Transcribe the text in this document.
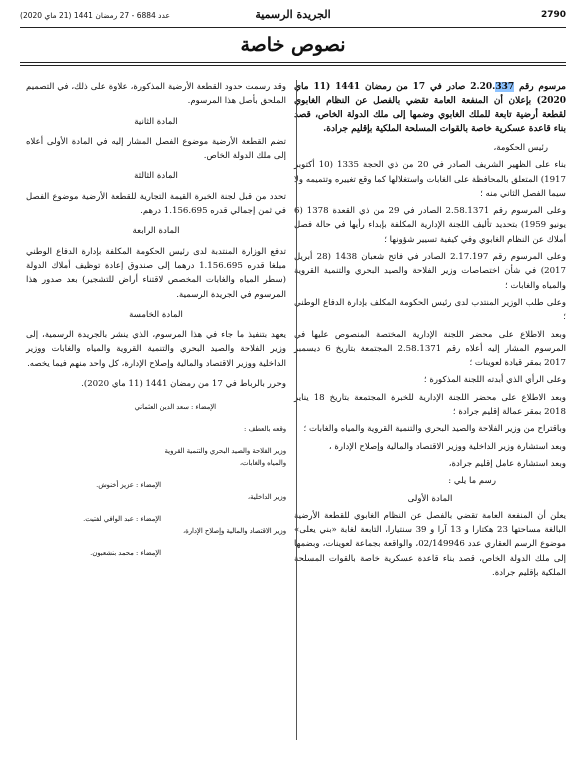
2790
الجريدة الرسمية
عدد 6884 - 27 رمضان 1441 (21 ماي 2020)
نصوص خاصة

مرسوم رقم 2.20.337 صادر في 17 من رمضان 1441 (11 ماي 2020) بإعلان أن المنفعة العامة تقضي بالفصل عن النظام الغابوي لقطعة أرضية تابعة للملك الغابوي وضمها إلى ملك الدولة الخاص، قصد بناء قاعدة عسكرية خاصة بالقوات المسلحة الملكية بإقليم جرادة.

رئيس الحكومة،

بناء على الظهير الشريف الصادر في 20 من ذي الحجة 1335 (10 أكتوبر 1917) المتعلق بالمحافظة على الغابات واستغلالها كما وقع تغييره وتتميمه ولا سيما الفصل الثاني منه ؛

وعلى المرسوم رقم 2.58.1371 الصادر في 29 من ذي القعدة 1378 (6 يونيو 1959) بتحديد تأليف اللجنة الإدارية المكلفة بإبداء رأيها في حالة فصل أملاك عن النظام الغابوي وفي كيفية تسيير شؤونها ؛

وعلى المرسوم رقم 2.17.197 الصادر في فاتح شعبان 1438 (28 أبريل 2017) في شأن اختصاصات وزير الفلاحة والصيد البحري والتنمية القروية والمياه والغابات ؛

وعلى طلب الوزير المنتدب لدى رئيس الحكومة المكلف بإدارة الدفاع الوطني ؛

وبعد الاطلاع على محضر اللجنة الإدارية المختصة المنصوص عليها في المرسوم المشار إليه أعلاه رقم 2.58.1371 المجتمعة بتاريخ 6 ديسمبر 2017 بمقر قيادة لعوينات ؛

وعلى الرأي الذي أبدته اللجنة المذكورة ؛

وبعد الاطلاع على محضر اللجنة الإدارية للخبرة المجتمعة بتاريخ 18 يناير 2018 بمقر عمالة إقليم جرادة ؛

وباقتراح من وزير الفلاحة والصيد البحري والتنمية القروية والمياه والغابات ؛

وبعد استشارة وزير الداخلية ووزير الاقتصاد والمالية وإصلاح الإدارة ،

وبعد استشارة عامل إقليم جرادة،

رسم ما يلي :

المادة الأولى

يعلن أن المنفعة العامة تقضي بالفصل عن النظام الغابوي للقطعة الأرضية البالغة مساحتها 23 هكتارا و 13 آرا و 39 سنتيارا، التابعة لغابة «بني يعلى» موضوع الرسم العقاري عدد 02/149946، والواقعة بجماعة لعوينات، وبضمها إلى ملك الدولة الخاص، قصد بناء قاعدة عسكرية خاصة بالقوات المسلحة الملكية بإقليم جرادة.

وقد رسمت حدود القطعة الأرضية المذكورة، علاوة على ذلك، في التصميم الملحق بأصل هذا المرسوم.

المادة الثانية

تضم القطعة الأرضية موضوع الفصل المشار إليه في المادة الأولى أعلاه إلى ملك الدولة الخاص.

المادة الثالثة

تحدد من قبل لجنة الخبرة القيمة التجارية للقطعة الأرضية موضوع الفصل في ثمن إجمالي قدره 1.156.695 درهم.

المادة الرابعة

تدفع الوزارة المنتدبة لدى رئيس الحكومة المكلفة بإدارة الدفاع الوطني مبلغا قدره 1.156.695 درهما إلى صندوق إعادة توظيف أملاك الدولة (سطر المياه والغابات المخصص لاقتناء أراض للتشجير) بعد صدور هذا المرسوم في الجريدة الرسمية.

المادة الخامسة

يعهد بتنفيذ ما جاء في هذا المرسوم، الذي ينشر بالجريدة الرسمية، إلى وزير الفلاحة والصيد البحري والتنمية القروية والمياه والغابات ووزير الداخلية ووزير الاقتصاد والمالية وإصلاح الإدارة، كل واحد منهم فيما يخصه.

وحرر بالرباط في 17 من رمضان 1441 (11 ماي 2020).

الإمضاء : سعد الدين العثماني

وقعه بالعطف :

وزير الفلاحة والصيد البحري والتنمية القروية

والمياه والغابات،

الإمضاء : عزيز أخنوش.

وزير الداخلية،

الإمضاء : عبد الوافي لفتيت.

وزير الاقتصاد والمالية وإصلاح الإدارة،

الإمضاء : محمد بنشعبون.
